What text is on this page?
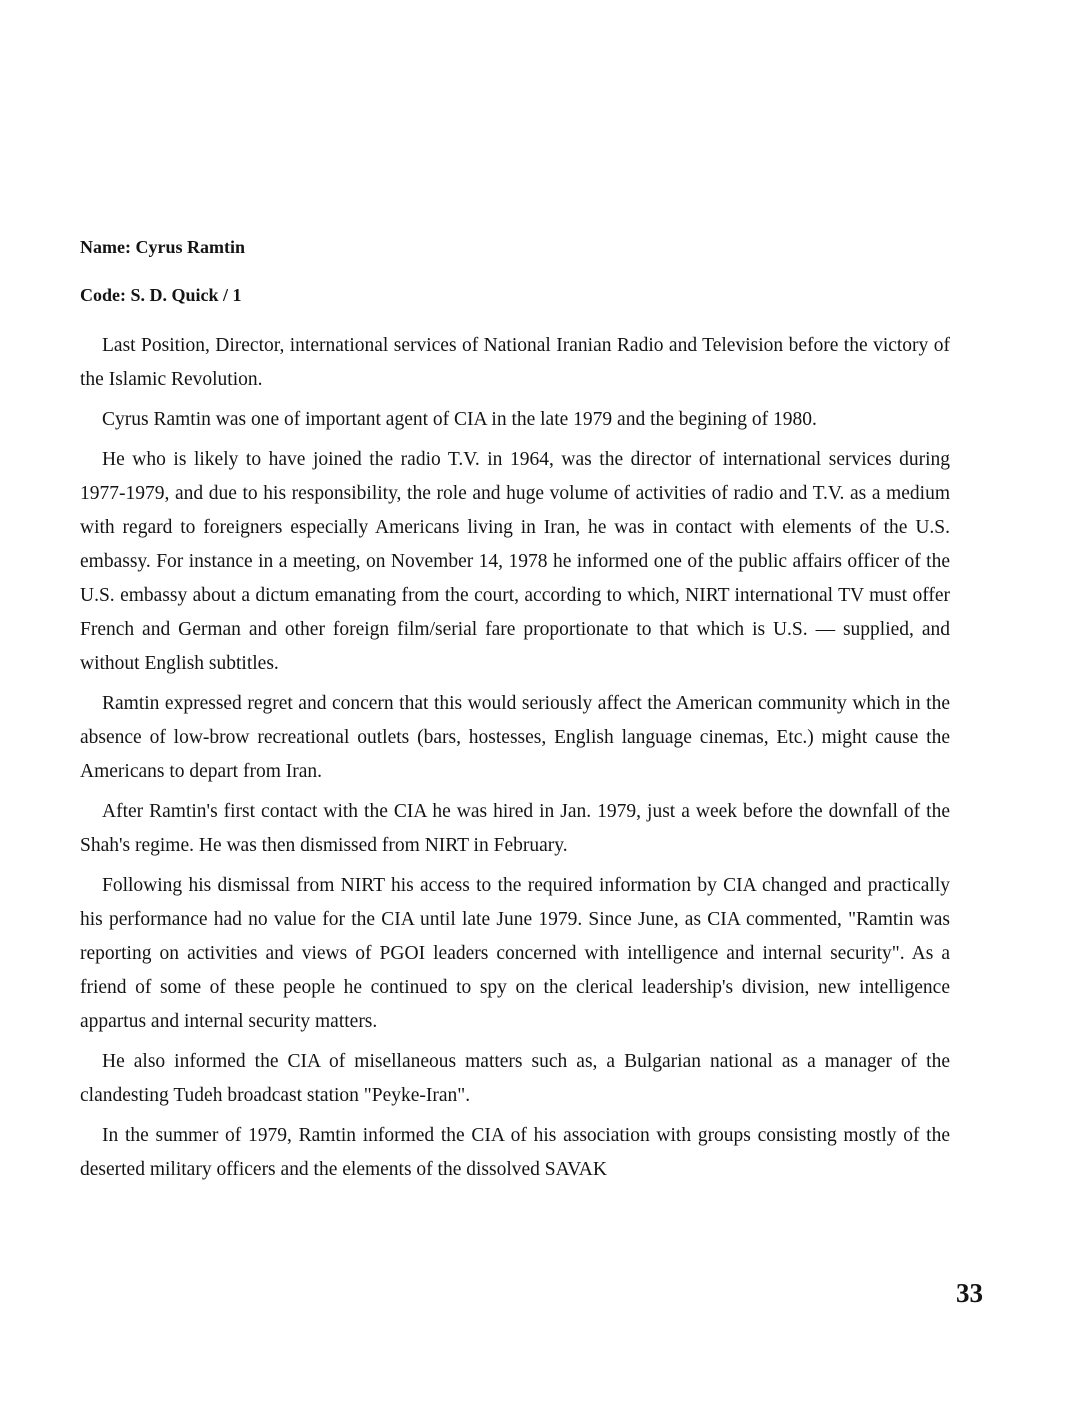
Name: Cyrus Ramtin
Code: S. D. Quick / 1

Last Position, Director, international services of National Iranian Radio and Television before the victory of the Islamic Revolution.

Cyrus Ramtin was one of important agent of CIA in the late 1979 and the begining of 1980.

He who is likely to have joined the radio T.V. in 1964, was the director of international services during 1977-1979, and due to his responsibility, the role and huge volume of activities of radio and T.V. as a medium with regard to foreigners especially Americans living in Iran, he was in contact with elements of the U.S. embassy. For instance in a meeting, on November 14, 1978 he informed one of the public affairs officer of the U.S. embassy about a dictum emanating from the court, according to which, NIRT international TV must offer French and German and other foreign film/serial fare proportionate to that which is U.S. — supplied, and without English subtitles.

Ramtin expressed regret and concern that this would seriously affect the American community which in the absence of low-brow recreational outlets (bars, hostesses, English language cinemas, Etc.) might cause the Americans to depart from Iran.

After Ramtin's first contact with the CIA he was hired in Jan. 1979, just a week before the downfall of the Shah's regime. He was then dismissed from NIRT in February.

Following his dismissal from NIRT his access to the required information by CIA changed and practically his performance had no value for the CIA until late June 1979. Since June, as CIA commented, "Ramtin was reporting on activities and views of PGOI leaders concerned with intelligence and internal security". As a friend of some of these people he continued to spy on the clerical leadership's division, new intelligence appartus and internal security matters.

He also informed the CIA of misellaneous matters such as, a Bulgarian national as a manager of the clandesting Tudeh broadcast station "Peyke-Iran".

In the summer of 1979, Ramtin informed the CIA of his association with groups consisting mostly of the deserted military officers and the elements of the dissolved SAVAK

33
